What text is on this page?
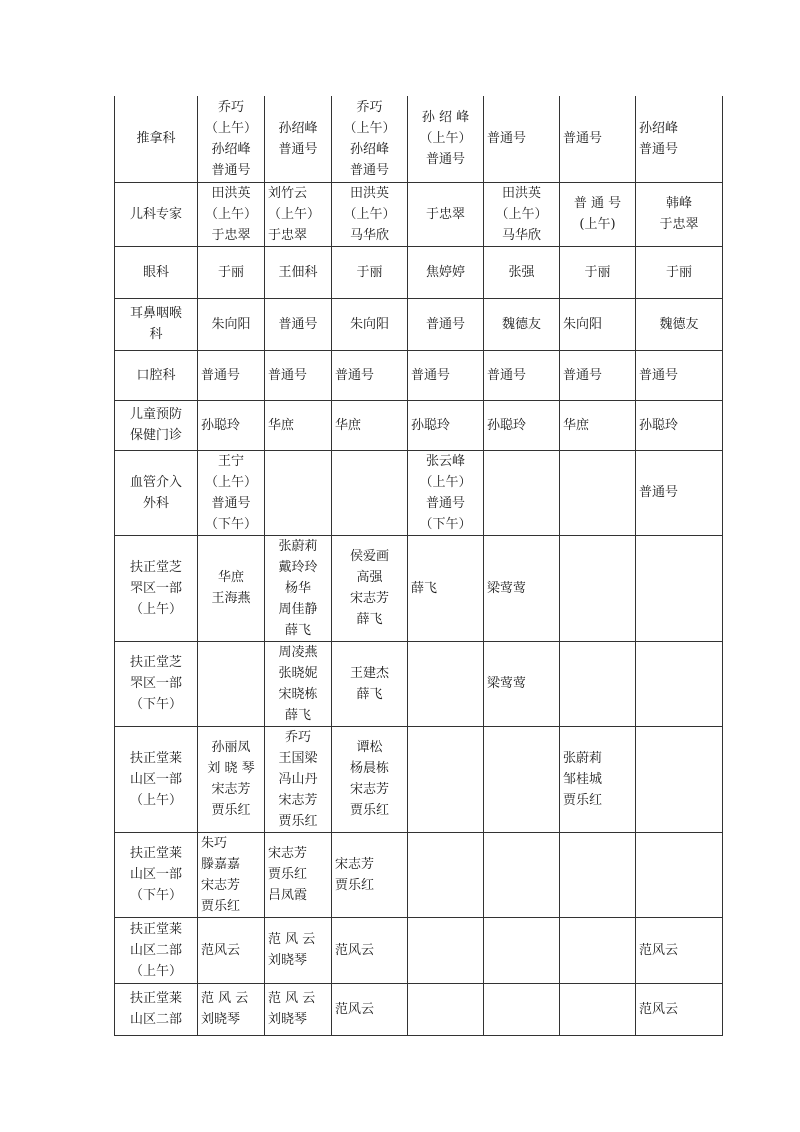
推拿科	乔巧
（上午）
孙绍峰
普通号	孙绍峰
普通号	乔巧
（上午）
孙绍峰
普通号	孙 绍 峰
（上午）
普通号	普通号	普通号	孙绍峰
普通号

儿科专家	田洪英
（上午）
于忠翠	刘竹云
（上午）
于忠翠	田洪英
（上午）
马华欣	于忠翠	田洪英
（上午）
马华欣	普 通 号
(上午)	韩峰
于忠翠

眼科	于丽	王佃科	于丽	焦婷婷	张强	于丽	于丽

耳鼻咽喉
科	朱向阳	普通号	朱向阳	普通号	魏德友	朱向阳	魏德友

口腔科	普通号	普通号	普通号	普通号	普通号	普通号	普通号

儿童预防
保健门诊	孙聪玲	华庶	华庶	孙聪玲	孙聪玲	华庶	孙聪玲

血管介入
外科	王宁
（上午）
普通号
（下午）			张云峰
（上午）
普通号
（下午）			普通号

扶正堂芝
罘区一部
（上午）	华庶
王海燕	张蔚莉
戴玲玲
杨华
周佳静
薛飞	侯爱画
高强
宋志芳
薛飞	薛飞	梁莺莺		

扶正堂芝
罘区一部
（下午）		周凌燕
张晓妮
宋晓栋
薛飞	王建杰
薛飞		梁莺莺		

扶正堂莱
山区一部
（上午）	孙丽凤
刘 晓 琴
宋志芳
贾乐红	乔巧
王国梁
冯山丹
宋志芳
贾乐红	谭松
杨晨栋
宋志芳
贾乐红			张蔚莉
邹桂城
贾乐红	

扶正堂莱
山区一部
（下午）	朱巧
滕嘉嘉
宋志芳
贾乐红	宋志芳
贾乐红
吕凤霞	宋志芳
贾乐红				

扶正堂莱
山区二部
（上午）	范风云	范 风 云
刘晓琴	范风云				范风云

扶正堂莱
山区二部	范 风 云
刘晓琴	范 风 云
刘晓琴	范风云				范风云
